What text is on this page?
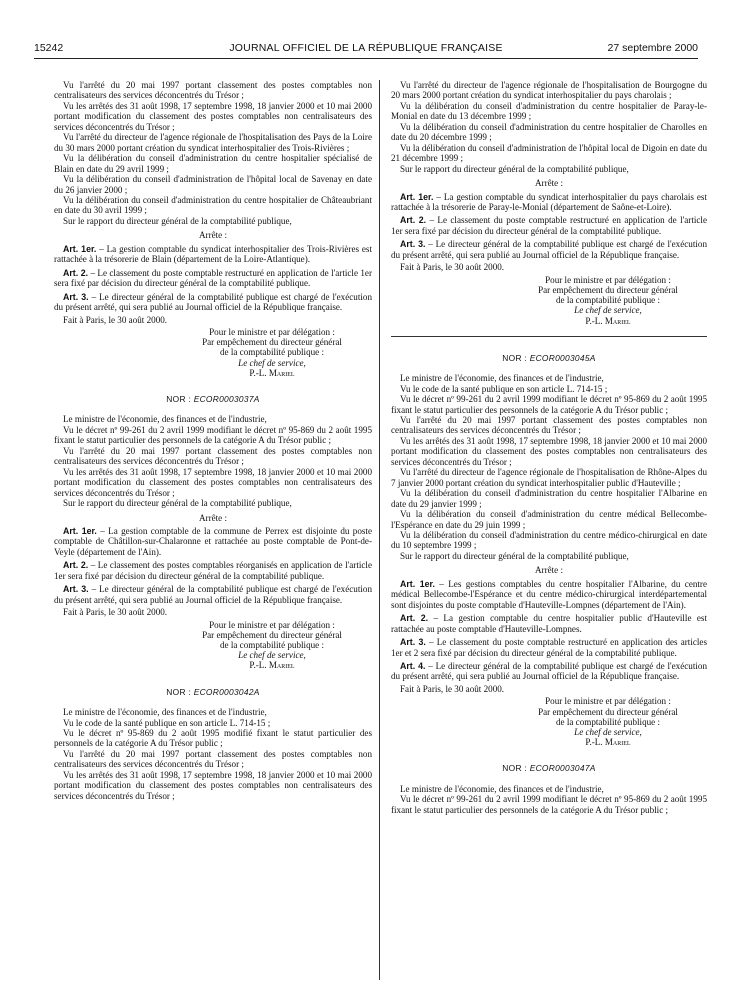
15242	JOURNAL OFFICIEL DE LA RÉPUBLIQUE FRANÇAISE	27 septembre 2000

Vu l'arrêté du 20 mai 1997 portant classement des postes comptables non centralisateurs des services déconcentrés du Trésor ;

Vu les arrêtés des 31 août 1998, 17 septembre 1998, 18 janvier 2000 et 10 mai 2000 portant modification du classement des postes comptables non centralisateurs des services déconcentrés du Trésor ;

Vu l'arrêté du directeur de l'agence régionale de l'hospitalisation des Pays de la Loire du 30 mars 2000 portant création du syndicat interhospitalier des Trois-Rivières ;

Vu la délibération du conseil d'administration du centre hospitalier spécialisé de Blain en date du 29 avril 1999 ;

Vu la délibération du conseil d'administration de l'hôpital local de Savenay en date du 26 janvier 2000 ;

Vu la délibération du conseil d'administration du centre hospitalier de Châteaubriant en date du 30 avril 1999 ;

Sur le rapport du directeur général de la comptabilité publique,

Arrête :

Art. 1er. – La gestion comptable du syndicat interhospitalier des Trois-Rivières est rattachée à la trésorerie de Blain (département de la Loire-Atlantique).

Art. 2. – Le classement du poste comptable restructuré en application de l'article 1er sera fixé par décision du directeur général de la comptabilité publique.

Art. 3. – Le directeur général de la comptabilité publique est chargé de l'exécution du présent arrêté, qui sera publié au Journal officiel de la République française.

Fait à Paris, le 30 août 2000.

Pour le ministre et par délégation :
Par empêchement du directeur général
de la comptabilité publique :
Le chef de service,
P.-L. Mariel
NOR : ECOR0003037A

Le ministre de l'économie, des finances et de l'industrie,

Vu le décret nº 99-261 du 2 avril 1999 modifiant le décret nº 95-869 du 2 août 1995 fixant le statut particulier des personnels de la catégorie A du Trésor public ;

Vu l'arrêté du 20 mai 1997 portant classement des postes comptables non centralisateurs des services déconcentrés du Trésor ;

Vu les arrêtés des 31 août 1998, 17 septembre 1998, 18 janvier 2000 et 10 mai 2000 portant modification du classement des postes comptables non centralisateurs des services déconcentrés du Trésor ;

Sur le rapport du directeur général de la comptabilité publique,

Arrête :

Art. 1er. – La gestion comptable de la commune de Perrex est disjointe du poste comptable de Châtillon-sur-Chalaronne et rattachée au poste comptable de Pont-de-Veyle (département de l'Ain).

Art. 2. – Le classement des postes comptables réorganisés en application de l'article 1er sera fixé par décision du directeur général de la comptabilité publique.

Art. 3. – Le directeur général de la comptabilité publique est chargé de l'exécution du présent arrêté, qui sera publié au Journal officiel de la République française.

Fait à Paris, le 30 août 2000.

Pour le ministre et par délégation :
Par empêchement du directeur général
de la comptabilité publique :
Le chef de service,
P.-L. Mariel
NOR : ECOR0003042A

Le ministre de l'économie, des finances et de l'industrie,

Vu le code de la santé publique en son article L. 714-15 ;

Vu le décret nº 95-869 du 2 août 1995 modifié fixant le statut particulier des personnels de la catégorie A du Trésor public ;

Vu l'arrêté du 20 mai 1997 portant classement des postes comptables non centralisateurs des services déconcentrés du Trésor ;

Vu les arrêtés des 31 août 1998, 17 septembre 1998, 18 janvier 2000 et 10 mai 2000 portant modification du classement des postes comptables non centralisateurs des services déconcentrés du Trésor ;

Vu l'arrêté du directeur de l'agence régionale de l'hospitalisation de Bourgogne du 20 mars 2000 portant création du syndicat interhospitalier du pays charolais ;

Vu la délibération du conseil d'administration du centre hospitalier de Paray-le-Monial en date du 13 décembre 1999 ;

Vu la délibération du conseil d'administration du centre hospitalier de Charolles en date du 20 décembre 1999 ;

Vu la délibération du conseil d'administration de l'hôpital local de Digoin en date du 21 décembre 1999 ;

Sur le rapport du directeur général de la comptabilité publique,

Arrête :

Art. 1er. – La gestion comptable du syndicat interhospitalier du pays charolais est rattachée à la trésorerie de Paray-le-Monial (département de Saône-et-Loire).

Art. 2. – Le classement du poste comptable restructuré en application de l'article 1er sera fixé par décision du directeur général de la comptabilité publique.

Art. 3. – Le directeur général de la comptabilité publique est chargé de l'exécution du présent arrêté, qui sera publié au Journal officiel de la République française.

Fait à Paris, le 30 août 2000.

Pour le ministre et par délégation :
Par empêchement du directeur général
de la comptabilité publique :
Le chef de service,
P.-L. Mariel
NOR : ECOR0003045A

Le ministre de l'économie, des finances et de l'industrie,

Vu le code de la santé publique en son article L. 714-15 ;

Vu le décret nº 99-261 du 2 avril 1999 modifiant le décret nº 95-869 du 2 août 1995 fixant le statut particulier des personnels de la catégorie A du Trésor public ;

Vu l'arrêté du 20 mai 1997 portant classement des postes comptables non centralisateurs des services déconcentrés du Trésor ;

Vu les arrêtés des 31 août 1998, 17 septembre 1998, 18 janvier 2000 et 10 mai 2000 portant modification du classement des postes comptables non centralisateurs des services déconcentrés du Trésor ;

Vu l'arrêté du directeur de l'agence régionale de l'hospitalisation de Rhône-Alpes du 7 janvier 2000 portant création du syndicat interhospitalier public d'Hauteville ;

Vu la délibération du conseil d'administration du centre hospitalier l'Albarine en date du 29 janvier 1999 ;

Vu la délibération du conseil d'administration du centre médical Bellecombe-l'Espérance en date du 29 juin 1999 ;

Vu la délibération du conseil d'administration du centre médico-chirurgical en date du 10 septembre 1999 ;

Sur le rapport du directeur général de la comptabilité publique,

Arrête :

Art. 1er. – Les gestions comptables du centre hospitalier l'Albarine, du centre médical Bellecombe-l'Espérance et du centre médico-chirurgical interdépartemental sont disjointes du poste comptable d'Hauteville-Lompnes (département de l'Ain).

Art. 2. – La gestion comptable du centre hospitalier public d'Hauteville est rattachée au poste comptable d'Hauteville-Lompnes.

Art. 3. – Le classement du poste comptable restructuré en application des articles 1er et 2 sera fixé par décision du directeur général de la comptabilité publique.

Art. 4. – Le directeur général de la comptabilité publique est chargé de l'exécution du présent arrêté, qui sera publié au Journal officiel de la République française.

Fait à Paris, le 30 août 2000.

Pour le ministre et par délégation :
Par empêchement du directeur général
de la comptabilité publique :
Le chef de service,
P.-L. Mariel
NOR : ECOR0003047A

Le ministre de l'économie, des finances et de l'industrie,

Vu le décret nº 99-261 du 2 avril 1999 modifiant le décret nº 95-869 du 2 août 1995 fixant le statut particulier des personnels de la catégorie A du Trésor public ;
